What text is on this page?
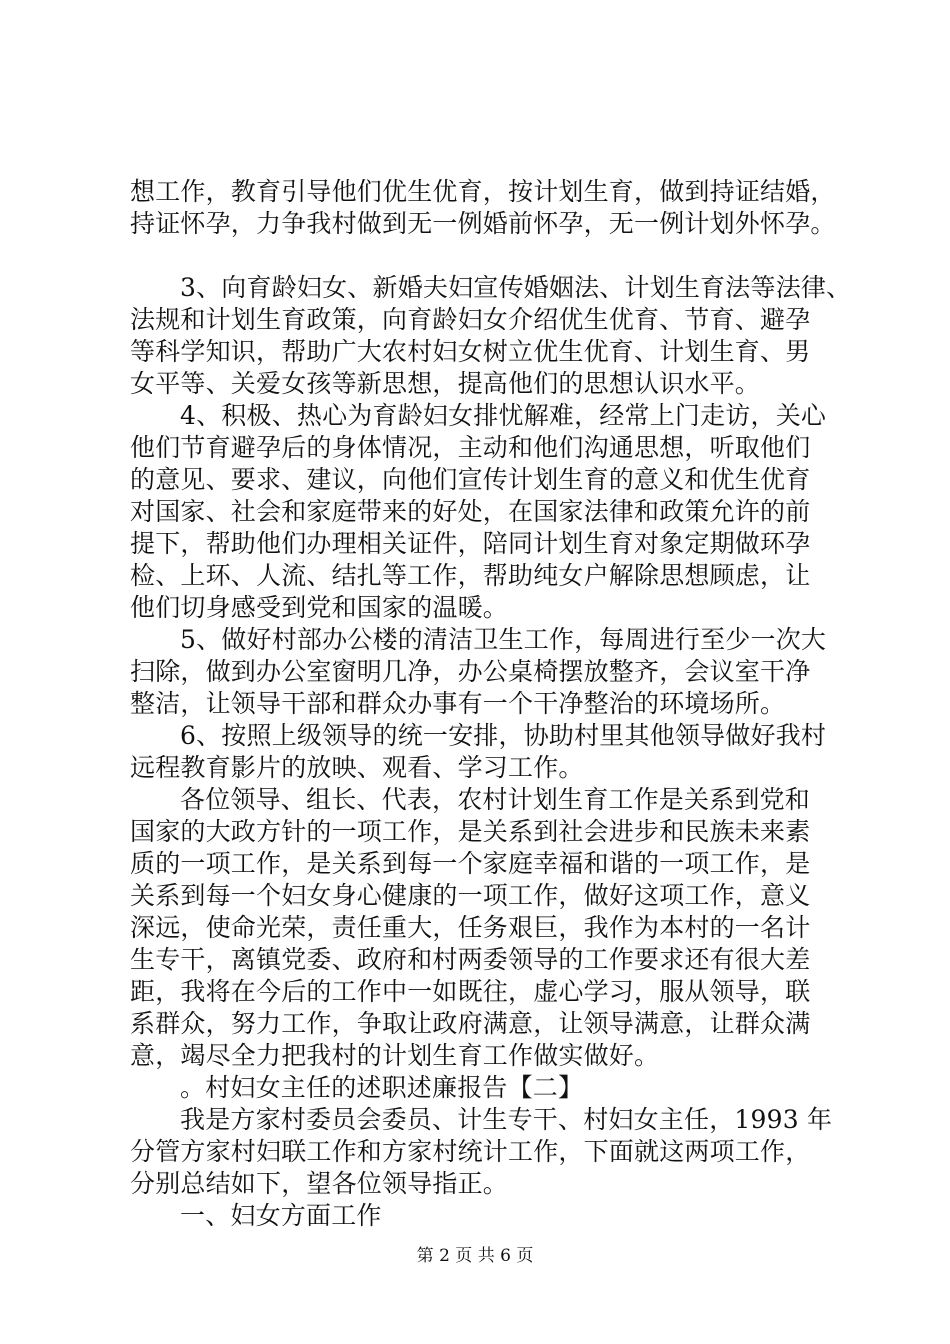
想工作，教育引导他们优生优育，按计划生育，做到持证结婚，
持证怀孕，力争我村做到无一例婚前怀孕，无一例计划外怀孕。
3、向育龄妇女、新婚夫妇宣传婚姻法、计划生育法等法律、
法规和计划生育政策，向育龄妇女介绍优生优育、节育、避孕
等科学知识，帮助广大农村妇女树立优生优育、计划生育、男
女平等、关爱女孩等新思想，提高他们的思想认识水平。
4、积极、热心为育龄妇女排忧解难，经常上门走访，关心
他们节育避孕后的身体情况，主动和他们沟通思想，听取他们
的意见、要求、建议，向他们宣传计划生育的意义和优生优育
对国家、社会和家庭带来的好处，在国家法律和政策允许的前
提下，帮助他们办理相关证件，陪同计划生育对象定期做环孕
检、上环、人流、结扎等工作，帮助纯女户解除思想顾虑，让
他们切身感受到党和国家的温暖。
5、做好村部办公楼的清洁卫生工作，每周进行至少一次大
扫除，做到办公室窗明几净，办公桌椅摆放整齐，会议室干净
整洁，让领导干部和群众办事有一个干净整治的环境场所。
6、按照上级领导的统一安排，协助村里其他领导做好我村
远程教育影片的放映、观看、学习工作。
各位领导、组长、代表，农村计划生育工作是关系到党和
国家的大政方针的一项工作，是关系到社会进步和民族未来素
质的一项工作，是关系到每一个家庭幸福和谐的一项工作，是
关系到每一个妇女身心健康的一项工作，做好这项工作，意义
深远，使命光荣，责任重大，任务艰巨，我作为本村的一名计
生专干，离镇党委、政府和村两委领导的工作要求还有很大差
距，我将在今后的工作中一如既往，虚心学习，服从领导，联
系群众，努力工作，争取让政府满意，让领导满意，让群众满
意，竭尽全力把我村的计划生育工作做实做好。
。村妇女主任的述职述廉报告【二】
我是方家村委员会委员、计生专干、村妇女主任，1993 年
分管方家村妇联工作和方家村统计工作，下面就这两项工作，
分别总结如下，望各位领导指正。
一、妇女方面工作
第 2 页 共 6 页
